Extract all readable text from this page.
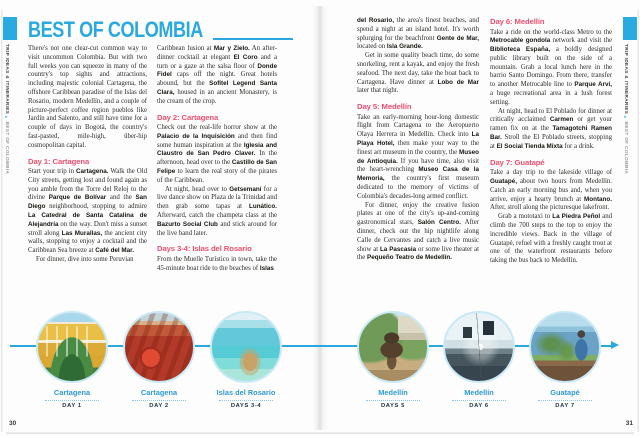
TRIP IDEAS & ITINERARIES▸BEST OF COLOMBIA
TRIP IDEAS & ITINERARIES▸BEST OF COLOMBIA
BEST OF COLOMBIA

There's not one clear-cut common way to visit uncommon Colombia. But with two full weeks you can squeeze in many of the country's top sights and attractions, including majestic colonial Cartagena, the offshore Caribbean paradise of the Islas del Rosario, modern Medellín, and a couple of picture-perfect coffee region pueblos like Jardín and Salento, and still have time for a couple of days in Bogotá, the country's fast-pasted, mile-high, über-hip cosmopolitan capital.

Day 1: Cartagena

Start your trip in Cartagena. Walk the Old City streets, getting lost and found again as you amble from the Torre del Reloj to the divine Parque de Bolívar and the San Diego neighborhood, stopping to admire La Catedral de Santa Catalina de Alejandría on the way. Don't miss a sunset stroll along Las Murallas, the ancient city walls, stopping to enjoy a cocktail and the Caribbean Sea breeze at Café del Mar.

For dinner, dive into some Peruvian

Caribbean fusion at Mar y Zielo. An after-dinner cocktail at elegant El Coro and a turn or a gaze at the salsa floor of Donde Fidel caps off the night. Great hotels abound, but the Sofitel Legend Santa Clara, housed in an ancient Monastery, is the cream of the crop.

Day 2: Cartagena

Check out the real-life horror show at the Palacio de la Inquisición and then find some human inspiration at the Iglesia and Claustro de San Pedro Claver. In the afternoon, head over to the Castillo de San Felipe to learn the real story of the pirates of the Caribbean.

At night, head over to Getsemaní for a live dance show on Plaza de la Trinidad and then grab some tapas at Lunático. Afterward, catch the champeta class at the Bazurto Social Club and stick around for the live band later.

Days 3-4: Islas del Rosario

From the Muelle Turístico in town, take the 45-minute boat ride to the beaches of Islas

del Rosario, the area's finest beaches, and spend a night at an island hotel. It's worth splurging for the beachfront Gente de Mar, located on Isla Grande.

Get in some quality beach time, do some snorkeling, rent a kayak, and enjoy the fresh seafood. The next day, take the boat back to Cartagena. Have dinner at Lobo de Mar later that night.

Day 5: Medellín

Take an early-morning hour-long domestic flight from Cartagena to the Aeropuerto Olaya Herrera in Medellín. Check into La Playa Hotel, then make your way to the finest art museum in the country, the Museo de Antioquia. If you have time, also visit the heart-wrenching Museo Casa de la Memoria, the country's first museum dedicated to the memory of victims of Colombia's decades-long armed conflict.

For dinner, enjoy the creative fusion plates at one of the city's up-and-coming gastronomical stars, Salón Centro. After dinner, check out the hip nightlife along Calle de Cervantes and catch a live music show at La Pascasia or some live theater at the Pequeño Teatro de Medellín.

Day 6: Medellín

Take a ride on the world-class Metro to the Metrocable gondola network and visit the Biblioteca España, a boldly designed public library built on the side of a mountain. Grab a local lunch here in the barrio Santo Domingo. From there, transfer to another Metrocable line to Parque Arví, a huge recreational area in a lush forest setting.

At night, head to El Poblado for dinner at critically acclaimed Carmen or get your ramen fix on at the Tamagotchi Ramen Bar. Stroll the El Poblado streets, stopping at El Social Tienda Mixta for a drink.

Day 7: Guatapé

Take a day trip to the lakeside village of Guatapé, about two hours from Medellín. Catch an early morning bus and, when you arrive, enjoy a hearty brunch at Montano. After, stroll along the picturesque lakefront.

Grab a mototaxi to La Piedra Peñol and climb the 700 steps to the top to enjoy the incredible views. Back in the village of Guatapé, refuel with a freshly caught trout at one of the waterfront restaurants before taking the bus back to Medellín.

Cartagena
DAY 1
Cartagena
DAY 2
Islas del Rosario
DAYS 3-4
Medellín
DAYS 5
Medellín
DAY 6
Guatapé
DAY 7
30	31
